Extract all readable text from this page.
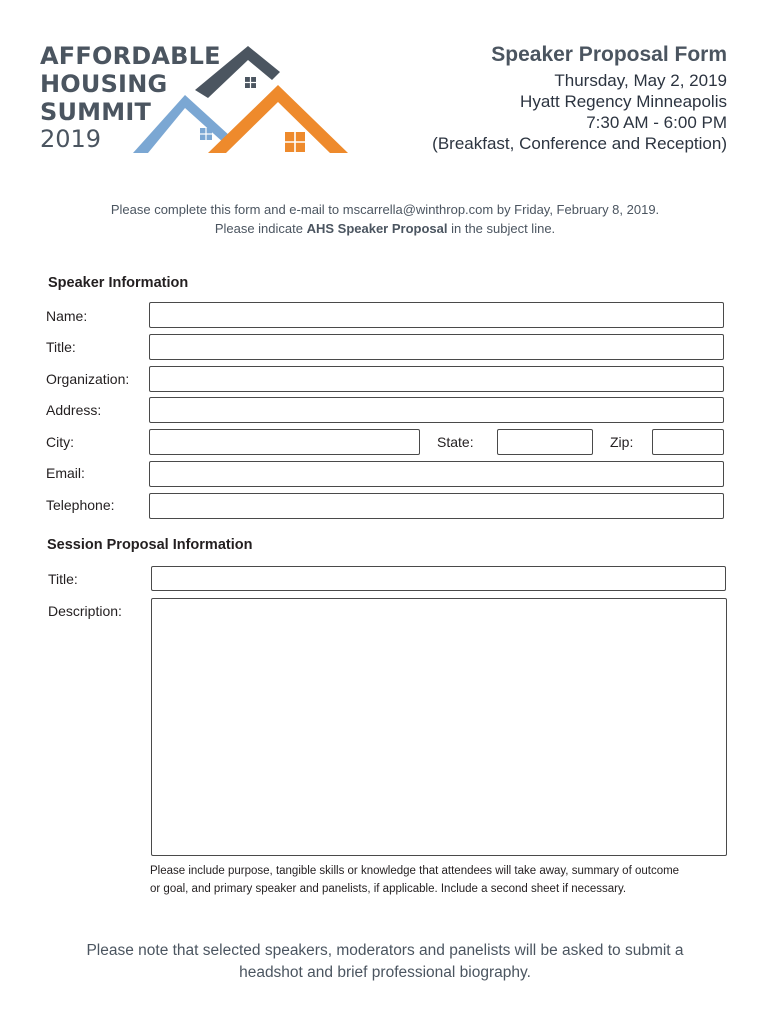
AFFORDABLE
HOUSING
SUMMIT
2019
Speaker Proposal Form
Thursday, May 2, 2019
Hyatt Regency Minneapolis
7:30 AM - 6:00 PM
(Breakfast, Conference and Reception)
Please complete this form and e-mail to mscarrella@winthrop.com by Friday, February 8, 2019.
Please indicate AHS Speaker Proposal in the subject line.
Speaker Information
Name:
Title:
Organization:
Address:
City:	State:	Zip:
Email:
Telephone:
Session Proposal Information
Title:
Description:
Please include purpose, tangible skills or knowledge that attendees will take away, summary of outcome
or goal, and primary speaker and panelists, if applicable. Include a second sheet if necessary.
Please note that selected speakers, moderators and panelists will be asked to submit a
headshot and brief professional biography.
